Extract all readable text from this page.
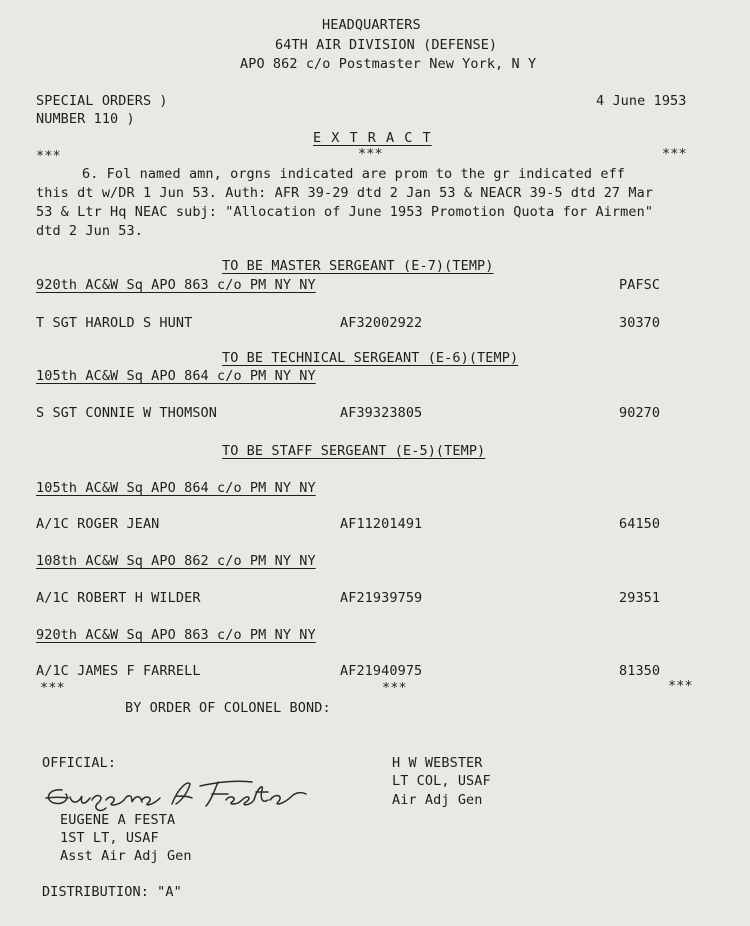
HEADQUARTERS
64TH AIR DIVISION (DEFENSE)
APO 862 c/o Postmaster New York, N Y
SPECIAL ORDERS )
NUMBER 110 )
4 June 1953
E X T R A C T
***	***	***
6. Fol named amn, orgns indicated are prom to the gr indicated eff
this dt w/DR 1 Jun 53. Auth: AFR 39-29 dtd 2 Jan 53 & NEACR 39-5 dtd 27 Mar
53 & Ltr Hq NEAC subj: "Allocation of June 1953 Promotion Quota for Airmen"
dtd 2 Jun 53.
TO BE MASTER SERGEANT (E-7)(TEMP)
920th AC&W Sq APO 863 c/o PM NY NY	PAFSC
T SGT HAROLD S HUNT	AF32002922	30370
TO BE TECHNICAL SERGEANT (E-6)(TEMP)
105th AC&W Sq APO 864 c/o PM NY NY
S SGT CONNIE W THOMSON	AF39323805	90270
TO BE STAFF SERGEANT (E-5)(TEMP)
105th AC&W Sq APO 864 c/o PM NY NY
A/1C ROGER JEAN	AF11201491	64150
108th AC&W Sq APO 862 c/o PM NY NY
A/1C ROBERT H WILDER	AF21939759	29351
920th AC&W Sq APO 863 c/o PM NY NY
A/1C JAMES F FARRELL	AF21940975	81350
***	***	***
BY ORDER OF COLONEL BOND:
OFFICIAL:
EUGENE A FESTA
1ST LT, USAF
Asst Air Adj Gen
H W WEBSTER
LT COL, USAF
Air Adj Gen
DISTRIBUTION: "A"
